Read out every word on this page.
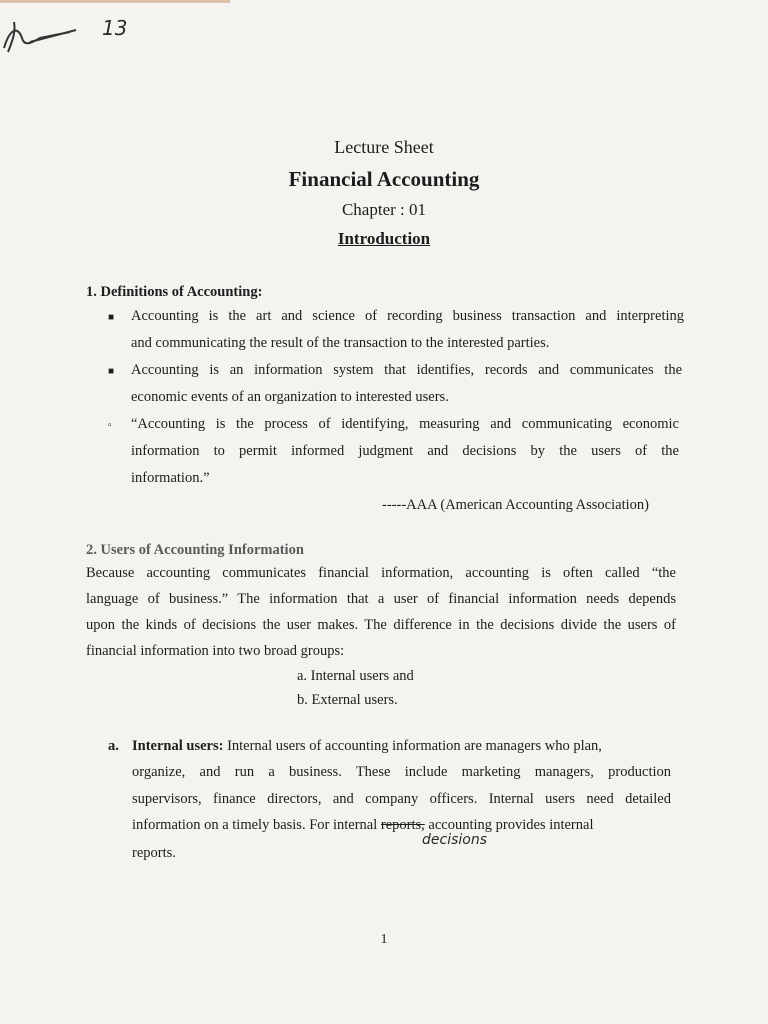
13
Lecture Sheet
Financial Accounting
Chapter : 01
Introduction
1. Definitions of Accounting:
■ Accounting is the art and science of recording business transaction and interpreting
and communicating the result of the transaction to the interested parties.
■ Accounting is an information system that identifies, records and communicates the
economic events of an organization to interested users.
▫ “Accounting is the process of identifying, measuring and communicating economic
information to permit informed judgment and decisions by the users of the
information.”
-----AAA (American Accounting Association)
2. Users of Accounting Information
Because accounting communicates financial information, accounting is often called “the
language of business.” The information that a user of financial information needs depends
upon the kinds of decisions the user makes. The difference in the decisions divide the users of
financial information into two broad groups:
a. Internal users and
b. External users.
a. Internal users: Internal users of accounting information are managers who plan,
organize, and run a business. These include marketing managers, production
supervisors, finance directors, and company officers. Internal users need detailed
information on a timely basis. For internal reports, accounting provides internal
decisions
reports.
1
